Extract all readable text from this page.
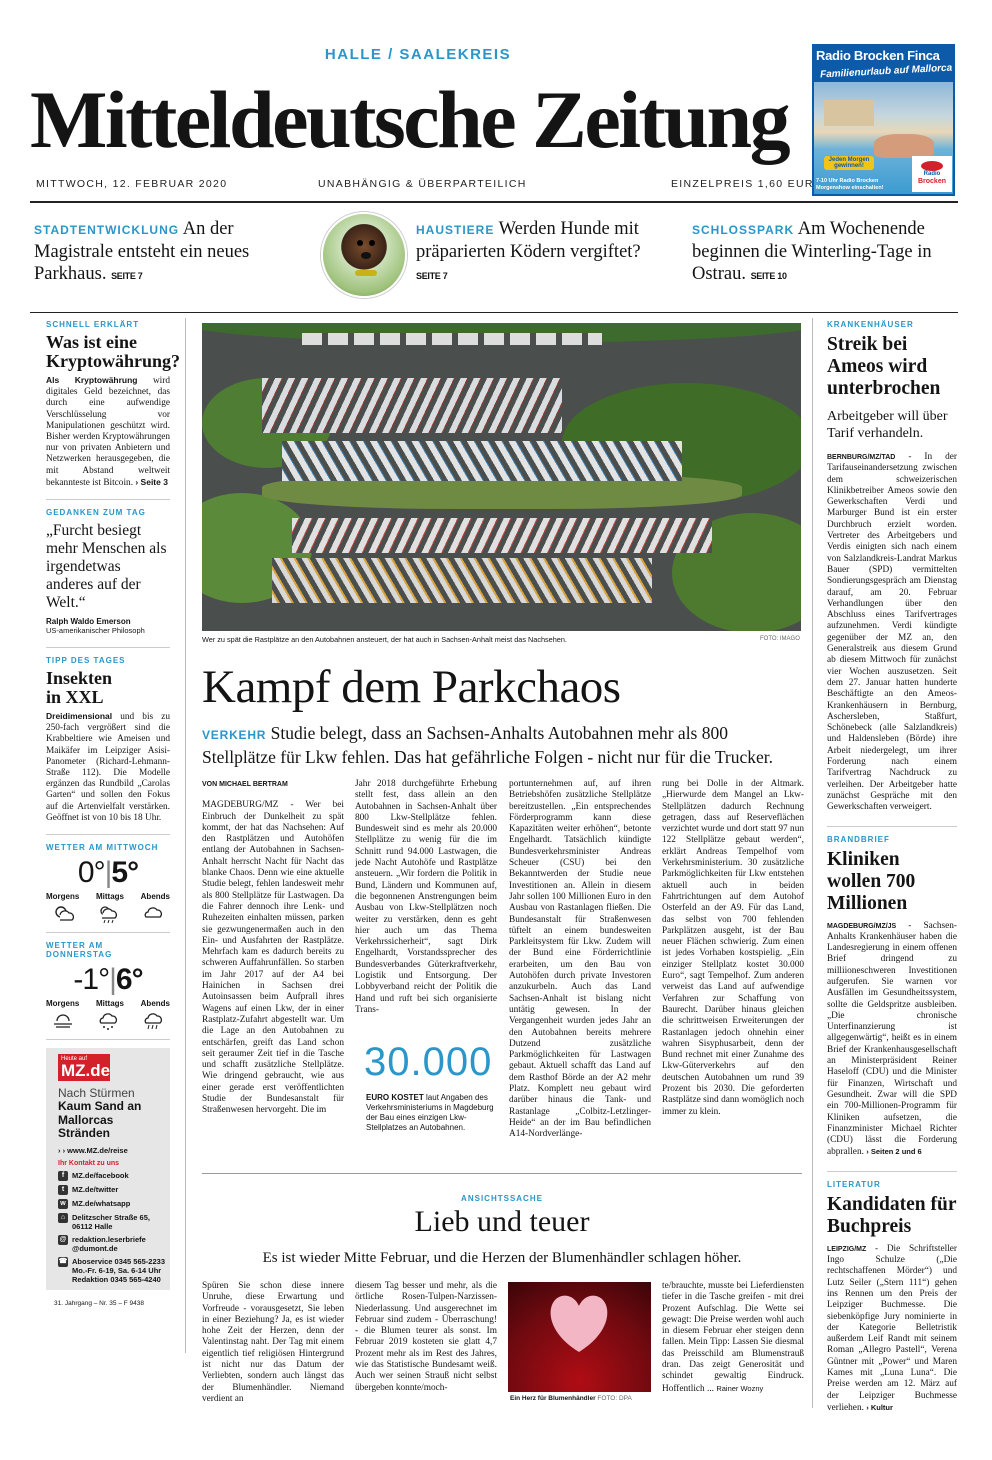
HALLE / SAALEKREIS
Mitteldeutsche Zeitung
Radio Brocken Finca
Familienurlaub auf Mallorca
Jeden Morgen gewinnen!
7-10 Uhr Radio Brocken Morgenshow einschalten!
Radio
Brocken
MITTWOCH, 12. FEBRUAR 2020	UNABHÄNGIG & ÜBERPARTEILICH	EINZELPREIS 1,60 EUR
STADTENTWICKLUNG An der Magistrale entsteht ein neues Parkhaus. SEITE 7
HAUSTIERE Werden Hunde mit präparierten Ködern vergiftet? SEITE 7
SCHLOSSPARK Am Wochenende beginnen die Winterling-Tage in Ostrau. SEITE 10
SCHNELL ERKLÄRT
Was ist eine Kryptowährung?
Als Kryptowährung wird digitales Geld bezeichnet, das durch eine aufwendige Verschlüsselung vor Manipulationen geschützt wird. Bisher werden Kryptowährungen nur von privaten Anbietern und Netzwerken herausgegeben, die mit Abstand weltweit bekannteste ist Bitcoin. › Seite 3
GEDANKEN ZUM TAG
„Furcht besiegt mehr Menschen als irgendetwas anderes auf der Welt.“
Ralph Waldo Emerson
US-amerikanischer Philosoph
TIPP DES TAGES
Insekten in XXL
Dreidimensional und bis zu 250-fach vergrößert sind die Krabbeltiere wie Ameisen und Maikäfer im Leipziger Asisi-Panometer (Richard-Lehmann-Straße 112). Die Modelle ergänzen das Rundbild „Carolas Garten“ und sollen den Fokus auf die Artenvielfalt verstärken. Geöffnet ist von 10 bis 18 Uhr.
WETTER AM MITTWOCH
0°|5°
Morgens Mittags Abends
WETTER AM DONNERSTAG
-1°|6°
Morgens Mittags Abends
Heute auf
MZ.de
Nach Stürmen
Kaum Sand an Mallorcas Stränden
› › www.MZ.de/reise
Ihr Kontakt zu uns
f	MZ.de/facebook
t	MZ.de/twitter
w MZ.de/whatsapp
⌂ Delitzscher Straße 65, 06112 Halle
@ redaktion.leserbriefe @dumont.de
☎ Aboservice 0345 565-2233 Mo.-Fr. 6-19, Sa. 6-14 Uhr Redaktion 0345 565-4240
31. Jahrgang – Nr. 35 – F 9438
Wer zu spät die Rastplätze an den Autobahnen ansteuert, der hat auch in Sachsen-Anhalt meist das Nachsehen.	FOTO: IMAGO
Kampf dem Parkchaos
VERKEHR Studie belegt, dass an Sachsen-Anhalts Autobahnen mehr als 800 Stellplätze für Lkw fehlen. Das hat gefährliche Folgen - nicht nur für die Trucker.
VON MICHAEL BERTRAM
MAGDEBURG/MZ - Wer bei Einbruch der Dunkelheit zu spät kommt, der hat das Nachsehen: Auf den Rastplätzen und Autohöfen entlang der Autobahnen in Sachsen-Anhalt herrscht Nacht für Nacht das blanke Chaos. Denn wie eine aktuelle Studie belegt, fehlen landesweit mehr als 800 Stellplätze für Lastwagen. Da die Fahrer dennoch ihre Lenk- und Ruhezeiten einhalten müssen, parken sie gezwungenermaßen auch in den Ein- und Ausfahrten der Rastplätze. Mehrfach kam es dadurch bereits zu schweren Auffahrunfällen. So starben im Jahr 2017 auf der A4 bei Hainichen in Sachsen drei Autoinsassen beim Aufprall ihres Wagens auf einen Lkw, der in einer Rastplatz-Zufahrt abgestellt war. Um die Lage an den Autobahnen zu entschärfen, greift das Land schon seit geraumer Zeit tief in die Tasche und schafft zusätzliche Stellplätze. Wie dringend gebraucht, wie aus einer gerade erst veröffentlichten Studie der Bundesanstalt für Straßenwesen hervorgeht. Die im
Jahr 2018 durchgeführte Erhebung stellt fest, dass allein an den Autobahnen in Sachsen-Anhalt über 800 Lkw-Stellplätze fehlen. Bundesweit sind es mehr als 20.000 Stellplätze zu wenig für die im Schnitt rund 94.000 Lastwagen, die jede Nacht Autohöfe und Rastplätze ansteuern. „Wir fordern die Politik in Bund, Ländern und Kommunen auf, die begonnenen Anstrengungen beim Ausbau von Lkw-Stellplätzen noch weiter zu verstärken, denn es geht hier auch um das Thema Verkehrssicherheit“, sagt Dirk Engelhardt, Vorstandssprecher des Bundesverbandes Güterkraftverkehr, Logistik und Entsorgung. Der Lobbyverband reicht der Politik die Hand und ruft bei sich organisierte Trans-
30.000
EURO KOSTET laut Angaben des Verkehrsministeriums in Magdeburg der Bau eines einzigen Lkw-Stellplatzes an Autobahnen.
portunternehmen auf, auf ihren Betriebshöfen zusätzliche Stellplätze bereitzustellen. „Ein entsprechendes Förderprogramm kann diese Kapazitäten weiter erhöhen“, betonte Engelhardt. Tatsächlich kündigte Bundesverkehrsminister Andreas Scheuer (CSU) bei den Bekanntwerden der Studie neue Investitionen an. Allein in diesem Jahr sollen 100 Millionen Euro in den Ausbau von Rastanlagen fließen. Die Bundesanstalt für Straßenwesen tüftelt an einem bundesweiten Parkleitsystem für Lkw. Zudem will der Bund eine Förderrichtlinie erarbeiten, um den Bau von Autohöfen durch private Investoren anzukurbeln. Auch das Land Sachsen-Anhalt ist bislang nicht untätig gewesen. In der Vergangenheit wurden jedes Jahr an den Autobahnen bereits mehrere Dutzend zusätzliche Parkmöglichkeiten für Lastwagen gebaut. Aktuell schafft das Land auf dem Rasthof Börde an der A2 mehr Platz. Komplett neu gebaut wird darüber hinaus die Tank- und Rastanlage „Colbitz-Letzlinger-Heide“ an der im Bau befindlichen A14-Nordverlänge-
rung bei Dolle in der Altmark. „Hierwurde dem Mangel an Lkw-Stellplätzen dadurch Rechnung getragen, dass auf Reserveflächen verzichtet wurde und dort statt 97 nun 122 Stellplätze gebaut werden“, erklärt Andreas Tempelhof vom Verkehrsministerium. 30 zusätzliche Parkmöglichkeiten für Lkw entstehen aktuell auch in beiden Fahrtrichtungen auf dem Autohof Osterfeld an der A9. Für das Land, das selbst von 700 fehlenden Parkplätzen ausgeht, ist der Bau neuer Flächen schwierig. Zum einen ist jedes Vorhaben kostspielig. „Ein einziger Stellplatz kostet 30.000 Euro“, sagt Tempelhof. Zum anderen verweist das Land auf aufwendige Verfahren zur Schaffung von Baurecht. Darüber hinaus gleichen die schrittweisen Erweiterungen der Rastanlagen jedoch ohnehin einer wahren Sisyphusarbeit, denn der Bund rechnet mit einer Zunahme des Lkw-Güterverkehrs auf den deutschen Autobahnen um rund 39 Prozent bis 2030. Die geforderten Rastplätze sind dann womöglich noch immer zu klein.
ANSICHTSSACHE
Lieb und teuer
Es ist wieder Mitte Februar, und die Herzen der Blumenhändler schlagen höher.
Spüren Sie schon diese innere Unruhe, diese Erwartung und Vorfreude - vorausgesetzt, Sie leben in einer Beziehung? Ja, es ist wieder hohe Zeit der Herzen, denn der Valentinstag naht. Der Tag mit einem eigentlich tief religiösen Hintergrund ist nicht nur das Datum der Verliebten, sondern auch längst das der Blumenhändler. Niemand verdient an
diesem Tag besser und mehr, als die örtliche Rosen-Tulpen-Narzissen-Niederlassung. Und ausgerechnet im Februar sind zudem - Überraschung! - die Blumen teurer als sonst. Im Februar 2019 kosteten sie glatt 4,7 Prozent mehr als im Rest des Jahres, wie das Statistische Bundesamt weiß. Auch wer seinen Strauß nicht selbst übergeben konnte/moch-
Ein Herz für Blumenhändler FOTO: DPA
te/brauchte, musste bei Lieferdiensten tiefer in die Tasche greifen - mit drei Prozent Aufschlag. Die Wette sei gewagt: Die Preise werden wohl auch in diesem Februar eher steigen denn fallen. Mein Tipp: Lassen Sie diesmal das Preisschild am Blumenstrauß dran. Das zeigt Generosität und schindet gewaltig Eindruck. Hoffentlich ... Rainer Wozny
KRANKENHÄUSER
Streik bei Ameos wird unterbrochen
Arbeitgeber will über Tarif verhandeln.
BERNBURG/MZ/TAD - In der Tarifauseinandersetzung zwischen dem schweizerischen Klinikbetreiber Ameos sowie den Gewerkschaften Verdi und Marburger Bund ist ein erster Durchbruch erzielt worden. Vertreter des Arbeitgebers und Verdis einigten sich nach einem von Salzlandkreis-Landrat Markus Bauer (SPD) vermittelten Sondierungsgespräch am Dienstag darauf, am 20. Februar Verhandlungen über den Abschluss eines Tarifvertrages aufzunehmen. Verdi kündigte gegenüber der MZ an, den Generalstreik aus diesem Grund ab diesem Mittwoch für zunächst vier Wochen auszusetzen. Seit dem 27. Januar hatten hunderte Beschäftigte an den Ameos-Krankenhäusern in Bernburg, Aschersleben, Staßfurt, Schönebeck (alle Salzlandkreis) und Haldensleben (Börde) ihre Arbeit niedergelegt, um ihrer Forderung nach einem Tarifvertrag Nachdruck zu verleihen. Der Arbeitgeber hatte zunächst Gespräche mit den Gewerkschaften verweigert.
BRANDBRIEF
Kliniken wollen 700 Millionen
MAGDEBURG/MZ/JS - Sachsen-Anhalts Krankenhäuser haben die Landesregierung in einem offenen Brief dringend zu milliioneschweren Investitionen aufgerufen. Sie warnen vor Ausfällen im Gesundheitssystem, sollte die Geldspritze ausbleiben. „Die chronische Unterfinanzierung ist allgegenwärtig“, heißt es in einem Brief der Krankenhausgesellschaft an Ministerpräsident Reiner Haseloff (CDU) und die Minister für Finanzen, Wirtschaft und Gesundheit. Zwar will die SPD ein 700-Millionen-Programm für Kliniken aufsetzen, die Finanzminister Michael Richter (CDU) lässt die Forderung abprallen. › Seiten 2 und 6
LITERATUR
Kandidaten für Buchpreis
LEIPZIG/MZ - Die Schriftsteller Ingo Schulze („Die rechtschaffenen Mörder“) und Lutz Seiler („Stern 111“) gehen ins Rennen um den Preis der Leipziger Buchmesse. Die siebenköpfige Jury nominierte in der Kategorie Belletristik außerdem Leif Randt mit seinem Roman „Allegro Pastell“, Verena Güntner mit „Power“ und Maren Kames mit „Luna Luna“. Die Preise werden am 12. März auf der Leipziger Buchmesse verliehen. › Kultur
